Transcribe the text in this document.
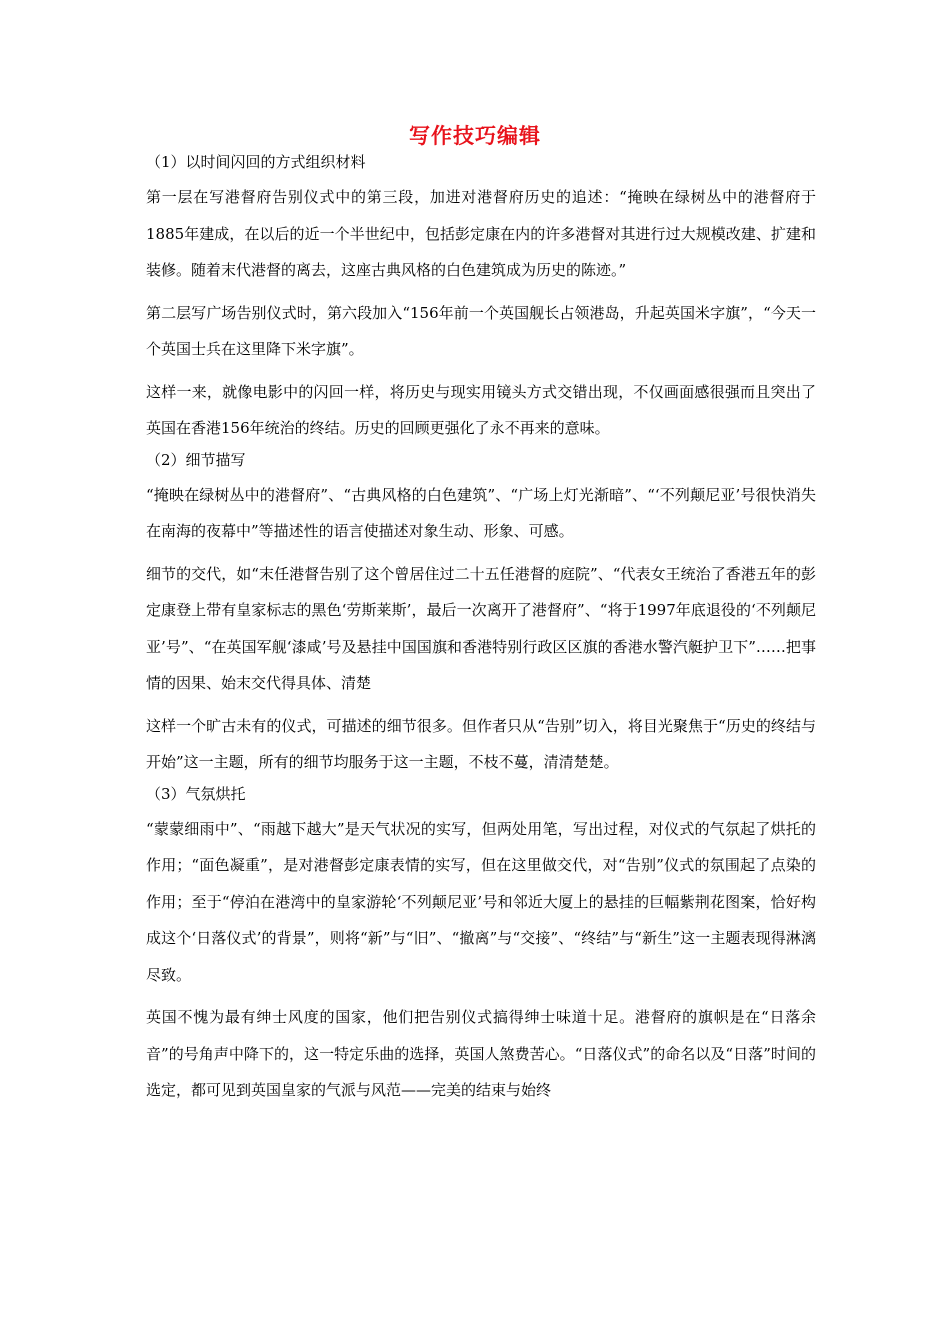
写作技巧编辑

（1）以时间闪回的方式组织材料

第一层在写港督府告别仪式中的第三段，加进对港督府历史的追述：“掩映在绿树丛中的港督府于1885年建成，在以后的近一个半世纪中，包括彭定康在内的许多港督对其进行过大规模改建、扩建和装修。随着末代港督的离去，这座古典风格的白色建筑成为历史的陈迹。”

第二层写广场告别仪式时，第六段加入“156年前一个英国舰长占领港岛，升起英国米字旗”，“今天一个英国士兵在这里降下米字旗”。

这样一来，就像电影中的闪回一样，将历史与现实用镜头方式交错出现，不仅画面感很强而且突出了英国在香港156年统治的终结。历史的回顾更强化了永不再来的意味。

（2）细节描写

“掩映在绿树丛中的港督府”、“古典风格的白色建筑”、“广场上灯光渐暗”、“‘不列颠尼亚’号很快消失在南海的夜幕中”等描述性的语言使描述对象生动、形象、可感。

细节的交代，如“末任港督告别了这个曾居住过二十五任港督的庭院”、“代表女王统治了香港五年的彭定康登上带有皇家标志的黑色‘劳斯莱斯’，最后一次离开了港督府”、“将于1997年底退役的‘不列颠尼亚’号”、“在英国军舰‘漆咸’号及悬挂中国国旗和香港特别行政区区旗的香港水警汽艇护卫下”……把事情的因果、始末交代得具体、清楚

这样一个旷古未有的仪式，可描述的细节很多。但作者只从“告别”切入，将目光聚焦于“历史的终结与开始”这一主题，所有的细节均服务于这一主题，不枝不蔓，清清楚楚。

（3）气氛烘托

“蒙蒙细雨中”、“雨越下越大”是天气状况的实写，但两处用笔，写出过程，对仪式的气氛起了烘托的作用；“面色凝重”，是对港督彭定康表情的实写，但在这里做交代，对“告别”仪式的氛围起了点染的作用；至于“停泊在港湾中的皇家游轮‘不列颠尼亚’号和邻近大厦上的悬挂的巨幅紫荆花图案，恰好构成这个‘日落仪式’的背景”，则将“新”与“旧”、“撤离”与“交接”、“终结”与“新生”这一主题表现得淋漓尽致。

英国不愧为最有绅士风度的国家，他们把告别仪式搞得绅士味道十足。港督府的旗帜是在“日落余音”的号角声中降下的，这一特定乐曲的选择，英国人煞费苦心。“日落仪式”的命名以及“日落”时间的选定，都可见到英国皇家的气派与风范——完美的结束与始终
